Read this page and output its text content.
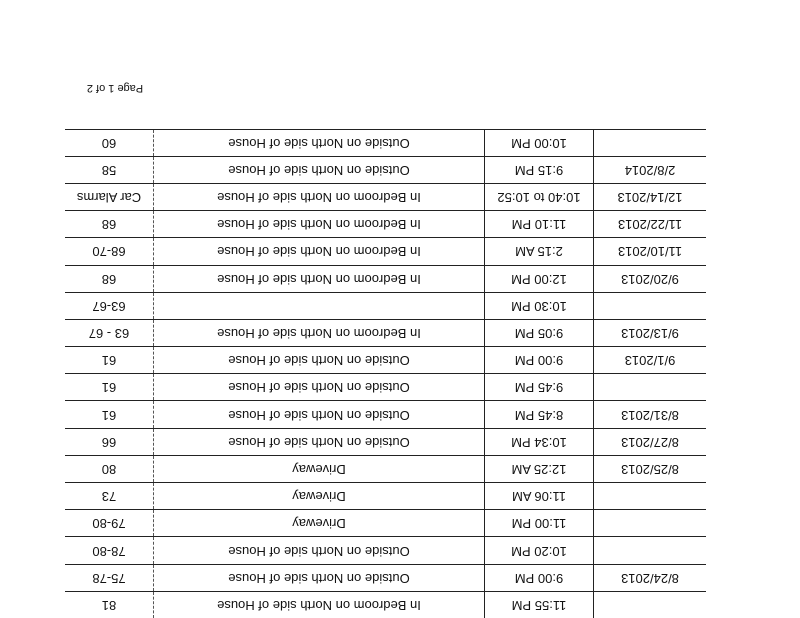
	11:55 PM	In Bedroom on North side of House	81
8/24/2013	9:00 PM	Outside on North side of House	75-78
	10:20 PM	Outside on North side of House	78-80
	11:00 PM	Driveway	79-80
	11:06 AM	Driveway	73
8/25/2013	12:25 AM	Driveway	80
8/27/2013	10:34 PM	Outside on North side of House	66
8/31/2013	8:45 PM	Outside on North side of House	61
	9:45 PM	Outside on North side of House	61
9/1/2013	9:00 PM	Outside on North side of House	61
9/13/2013	9:05 PM	In Bedroom on North side of House	63 - 67
	10:30 PM		63-67
9/20/2013	12:00 PM	In Bedroom on North side of House	68
11/10/2013	2:15 AM	In Bedroom on North side of House	68-70
11/22/2013	11:10 PM	In Bedroom on North side of House	68
12/14/2013	10:40 to 10:52	In Bedroom on North side of House	Car Alarms
2/8/2014	9:15 PM	Outside on North side of House	58
	10:00 PM	Outside on North side of House	60
Page 1 of 2
